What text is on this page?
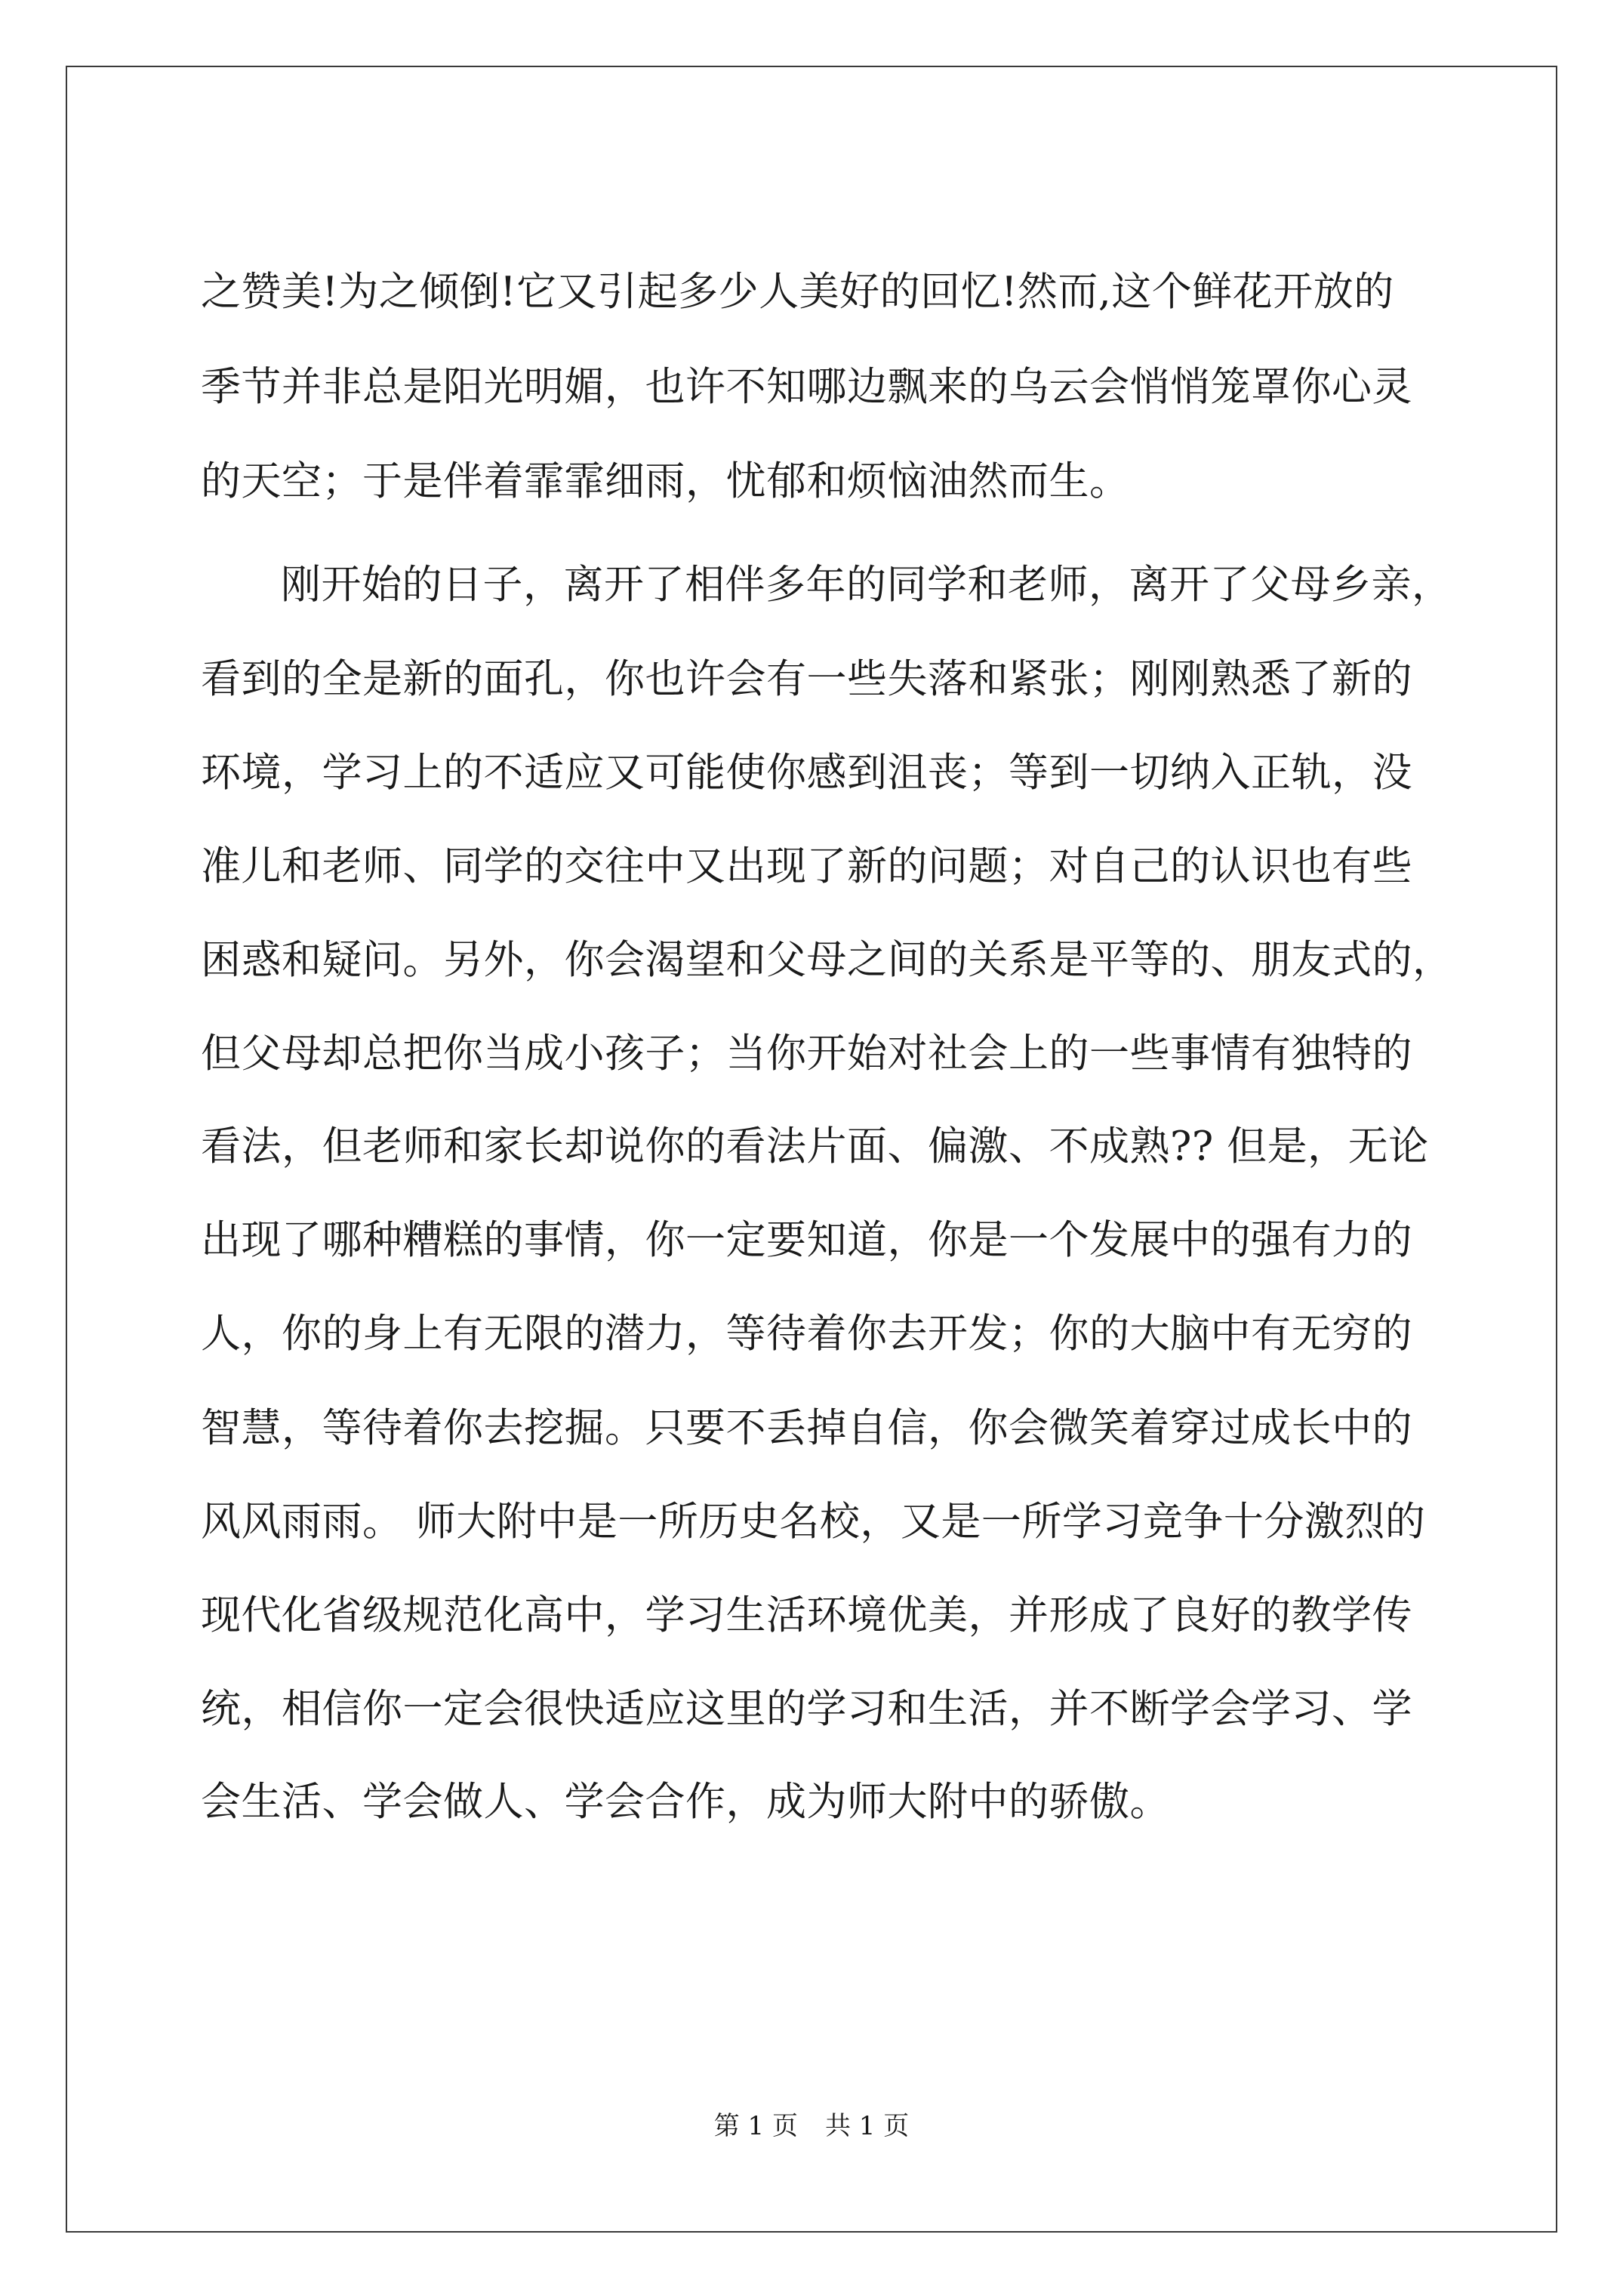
之赞美!为之倾倒!它又引起多少人美好的回忆!然而,这个鲜花开放的
季节并非总是阳光明媚，也许不知哪边飘来的乌云会悄悄笼罩你心灵
的天空；于是伴着霏霏细雨，忧郁和烦恼油然而生。
刚开始的日子，离开了相伴多年的同学和老师，离开了父母乡亲，
看到的全是新的面孔，你也许会有一些失落和紧张；刚刚熟悉了新的
环境，学习上的不适应又可能使你感到沮丧；等到一切纳入正轨，没
准儿和老师、同学的交往中又出现了新的问题；对自己的认识也有些
困惑和疑问。另外，你会渴望和父母之间的关系是平等的、朋友式的，
但父母却总把你当成小孩子；当你开始对社会上的一些事情有独特的
看法，但老师和家长却说你的看法片面、偏激、不成熟?? 但是，无论
出现了哪种糟糕的事情，你一定要知道，你是一个发展中的强有力的
人，你的身上有无限的潜力，等待着你去开发；你的大脑中有无穷的
智慧，等待着你去挖掘。只要不丢掉自信，你会微笑着穿过成长中的
风风雨雨。 师大附中是一所历史名校，又是一所学习竞争十分激烈的
现代化省级规范化高中，学习生活环境优美，并形成了良好的教学传
统，相信你一定会很快适应这里的学习和生活，并不断学会学习、学
会生活、学会做人、学会合作，成为师大附中的骄傲。
第 1 页 共 1 页
